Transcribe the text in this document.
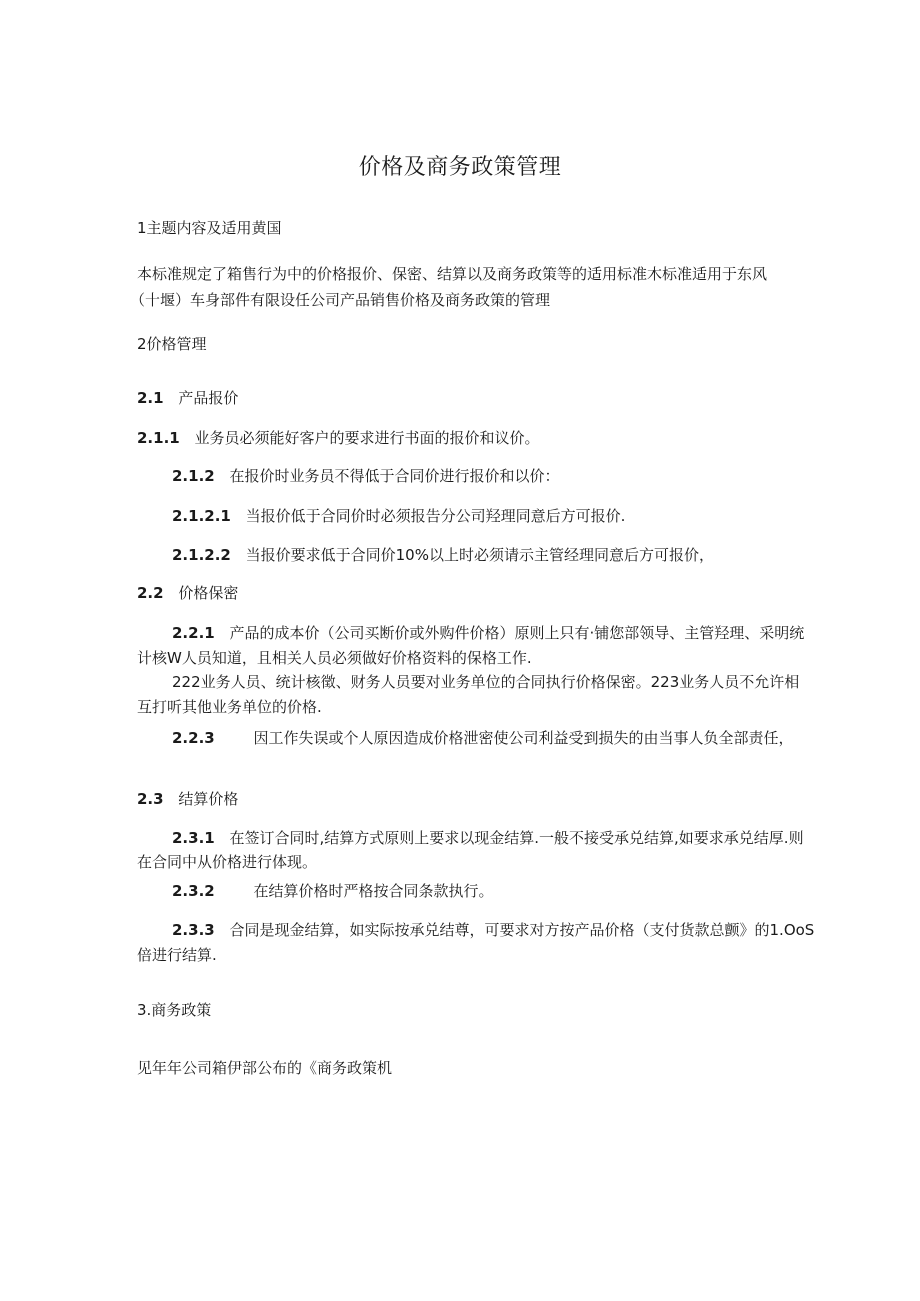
价格及商务政策管理
1主题内容及适用黄国
本标准规定了箱售行为中的价格报价、保密、结算以及商务政策等的适用标准木标准适用于东风
（十堰）车身部件有限设任公司产品销售价格及商务政策的管理
2价格管理
2.1 产品报价
2.1.1 业务员必须能好客户的要求进行书面的报价和议价。
2.1.2 在报价时业务员不得低于合同价进行报价和以价：
2.1.2.1 当报价低于合同价时必须报告分公司羟理同意后方可报价.
2.1.2.2 当报价要求低于合同价10%以上时必须请示主管经理同意后方可报价，
2.2 价格保密
2.2.1 产品的成本价（公司买断价或外购件价格）原则上只有·铺您部领导、主管羟理、采明统
计核W人员知道，且相关人员必须做好价格资料的保格工作.
222业务人员、统计核徵、财务人员要对业务单位的合同执行价格保密。223业务人员不允许相
互打听其他业务单位的价格.
2.2.3	因工作失误或个人原因造成价格泄密使公司利益受到损失的由当事人负全部责任，
2.3 结算价格
2.3.1 在签订合同时,结算方式原则上要求以现金结算.一般不接受承兑结算,如要求承兑结厚.则
在合同中从价格进行体现。
2.3.2	在结算价格时严格按合同条款执行。
2.3.3 合同是现金结算，如实际按承兑结尊，可要求对方按产品价格（支付货款总颤》的1.OoS
倍进行结算.
3.商务政策
见年年公司箱伊部公布的《商务政策机
